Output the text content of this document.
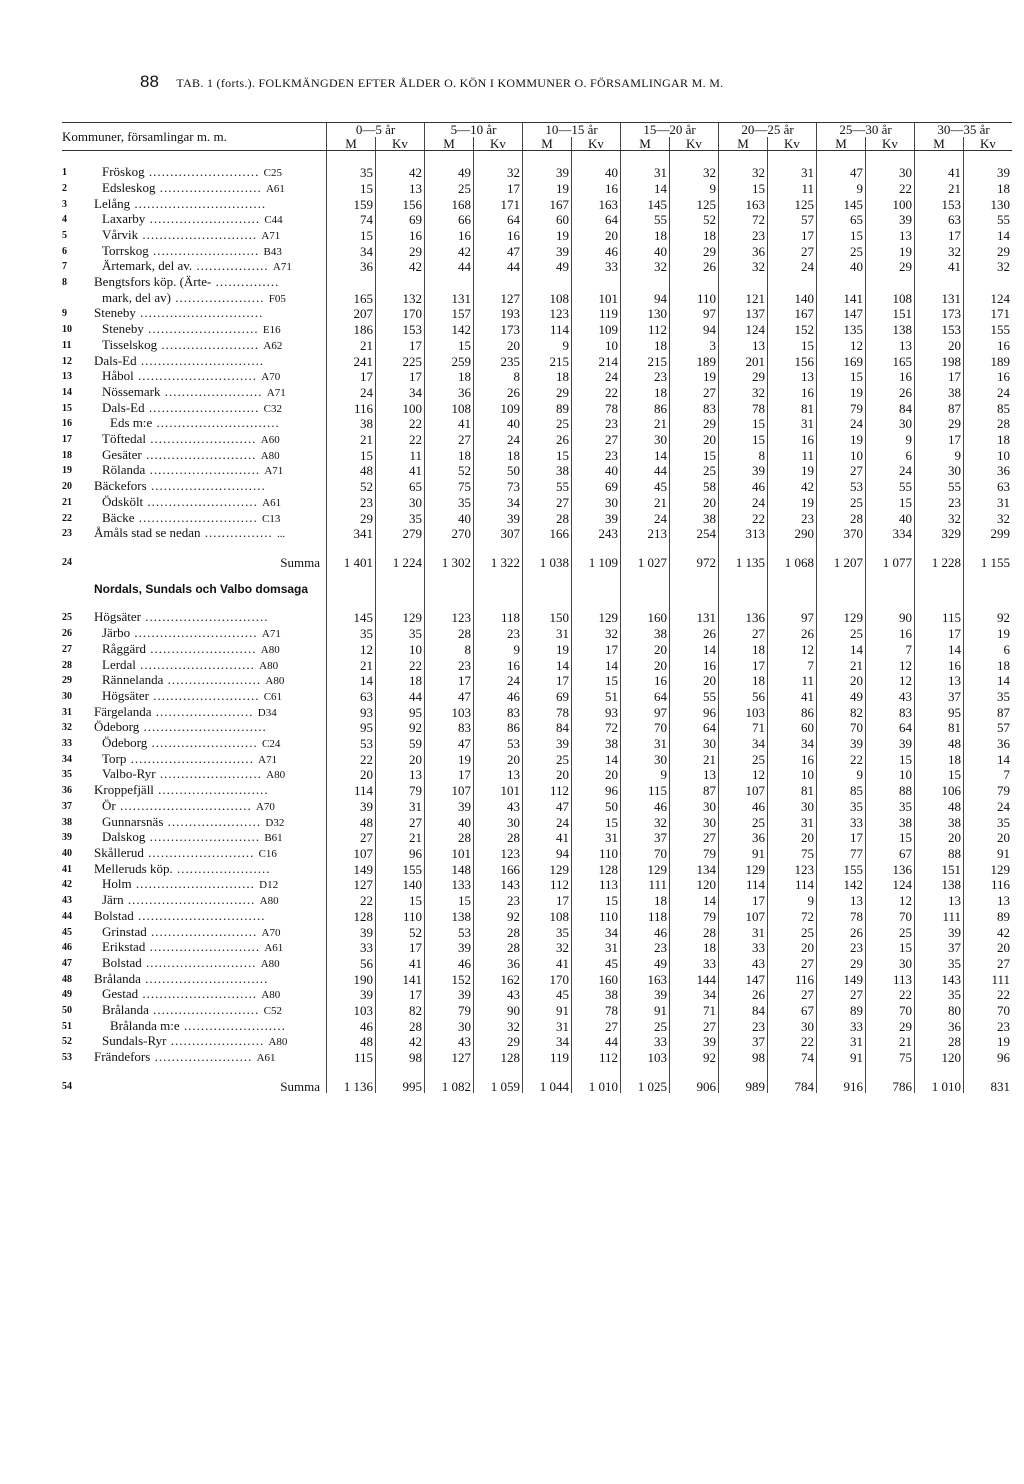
88 TAB. 1 (forts.). FOLKMÄNGDEN EFTER ÅLDER O. KÖN I KOMMUNER O. FÖRSAMLINGAR M. M.
Kommuner, församlingar m. m.		0—5 år		5—10 år		10—15 år		15—20 år		20—25 år		25—30 år		30—35 år	
		M	Kv	M	Kv	M	Kv	M	Kv	M	Kv	M	Kv	M	Kv

1	Fröskog .......................... C25	35	42	49	32	39	40	31	32	32	31	47	30	41	39
2	Edsleskog ........................ A61	15	13	25	17	19	16	14	9	15	11	9	22	21	18
3	Lelång ...............................	159	156	168	171	167	163	145	125	163	125	145	100	153	130
4	Laxarby .......................... C44	74	69	66	64	60	64	55	52	72	57	65	39	63	55
5	Vårvik ........................... A71	15	16	16	16	19	20	18	18	23	17	15	13	17	14
6	Torrskog ......................... B43	34	29	42	47	39	46	40	29	36	27	25	19	32	29
7	Ärtemark, del av. ................. A71	36	42	44	44	49	33	32	26	32	24	40	29	41	32
8	Bengtsfors köp. (Ärte- ...............														
	mark, del av) ..................... F05	165	132	131	127	108	101	94	110	121	140	141	108	131	124
9	Steneby .............................	207	170	157	193	123	119	130	97	137	167	147	151	173	171
10	Steneby .......................... E16	186	153	142	173	114	109	112	94	124	152	135	138	153	155
11	Tisselskog ....................... A62	21	17	15	20	9	10	18	3	13	15	12	13	20	16
12	Dals-Ed .............................	241	225	259	235	215	214	215	189	201	156	169	165	198	189
13	Håbol ............................ A70	17	17	18	8	18	24	23	19	29	13	15	16	17	16
14	Nössemark ....................... A71	24	34	36	26	29	22	18	27	32	16	19	26	38	24
15	Dals-Ed .......................... C32	116	100	108	109	89	78	86	83	78	81	79	84	87	85
16	Eds m:e .............................	38	22	41	40	25	23	21	29	15	31	24	30	29	28
17	Töftedal ......................... A60	21	22	27	24	26	27	30	20	15	16	19	9	17	18
18	Gesäter .......................... A80	15	11	18	18	15	23	14	15	8	11	10	6	9	10
19	Rölanda .......................... A71	48	41	52	50	38	40	44	25	39	19	27	24	30	36
20	Bäckefors ...........................	52	65	75	73	55	69	45	58	46	42	53	55	55	63
21	Ödskölt .......................... A61	23	30	35	34	27	30	21	20	24	19	25	15	23	31
22	Bäcke ............................ C13	29	35	40	39	28	39	24	38	22	23	28	40	32	32
23	Åmåls stad se nedan ................ ...	341	279	270	307	166	243	213	254	313	290	370	334	329	299

24	Summa	1 401	1 224	1 302	1 322	1 038	1 109	1 027	972	1 135	1 068	1 207	1 077	1 228	1 155

	Nordals, Sundals och Valbo domsaga														

25	Högsäter .............................	145	129	123	118	150	129	160	131	136	97	129	90	115	92
26	Järbo ............................. A71	35	35	28	23	31	32	38	26	27	26	25	16	17	19
27	Råggärd ......................... A80	12	10	8	9	19	17	20	14	18	12	14	7	14	6
28	Lerdal ........................... A80	21	22	23	16	14	14	20	16	17	7	21	12	16	18
29	Rännelanda ...................... A80	14	18	17	24	17	15	16	20	18	11	20	12	13	14
30	Högsäter ......................... C61	63	44	47	46	69	51	64	55	56	41	49	43	37	35
31	Färgelanda ....................... D34	93	95	103	83	78	93	97	96	103	86	82	83	95	87
32	Ödeborg .............................	95	92	83	86	84	72	70	64	71	60	70	64	81	57
33	Ödeborg ......................... C24	53	59	47	53	39	38	31	30	34	34	39	39	48	36
34	Torp ............................. A71	22	20	19	20	25	14	30	21	25	16	22	15	18	14
35	Valbo-Ryr ........................ A80	20	13	17	13	20	20	9	13	12	10	9	10	15	7
36	Kroppefjäll ..........................	114	79	107	101	112	96	115	87	107	81	85	88	106	79
37	Ör ............................... A70	39	31	39	43	47	50	46	30	46	30	35	35	48	24
38	Gunnarsnäs ...................... D32	48	27	40	30	24	15	32	30	25	31	33	38	38	35
39	Dalskog .......................... B61	27	21	28	28	41	31	37	27	36	20	17	15	20	20
40	Skållerud ......................... C16	107	96	101	123	94	110	70	79	91	75	77	67	88	91
41	Melleruds köp. ......................	149	155	148	166	129	128	129	134	129	123	155	136	151	129
42	Holm ............................ D12	127	140	133	143	112	113	111	120	114	114	142	124	138	116
43	Järn .............................. A80	22	15	15	23	17	15	18	14	17	9	13	12	13	13
44	Bolstad ..............................	128	110	138	92	108	110	118	79	107	72	78	70	111	89
45	Grinstad ......................... A70	39	52	53	28	35	34	46	28	31	25	26	25	39	42
46	Erikstad .......................... A61	33	17	39	28	32	31	23	18	33	20	23	15	37	20
47	Bolstad .......................... A80	56	41	46	36	41	45	49	33	43	27	29	30	35	27
48	Brålanda .............................	190	141	152	162	170	160	163	144	147	116	149	113	143	111
49	Gestad ........................... A80	39	17	39	43	45	38	39	34	26	27	27	22	35	22
50	Brålanda ......................... C52	103	82	79	90	91	78	91	71	84	67	89	70	80	70
51	Brålanda m:e ........................	46	28	30	32	31	27	25	27	23	30	33	29	36	23
52	Sundals-Ryr ...................... A80	48	42	43	29	34	44	33	39	37	22	31	21	28	19
53	Frändefors ....................... A61	115	98	127	128	119	112	103	92	98	74	91	75	120	96

54	Summa	1 136	995	1 082	1 059	1 044	1 010	1 025	906	989	784	916	786	1 010	831
